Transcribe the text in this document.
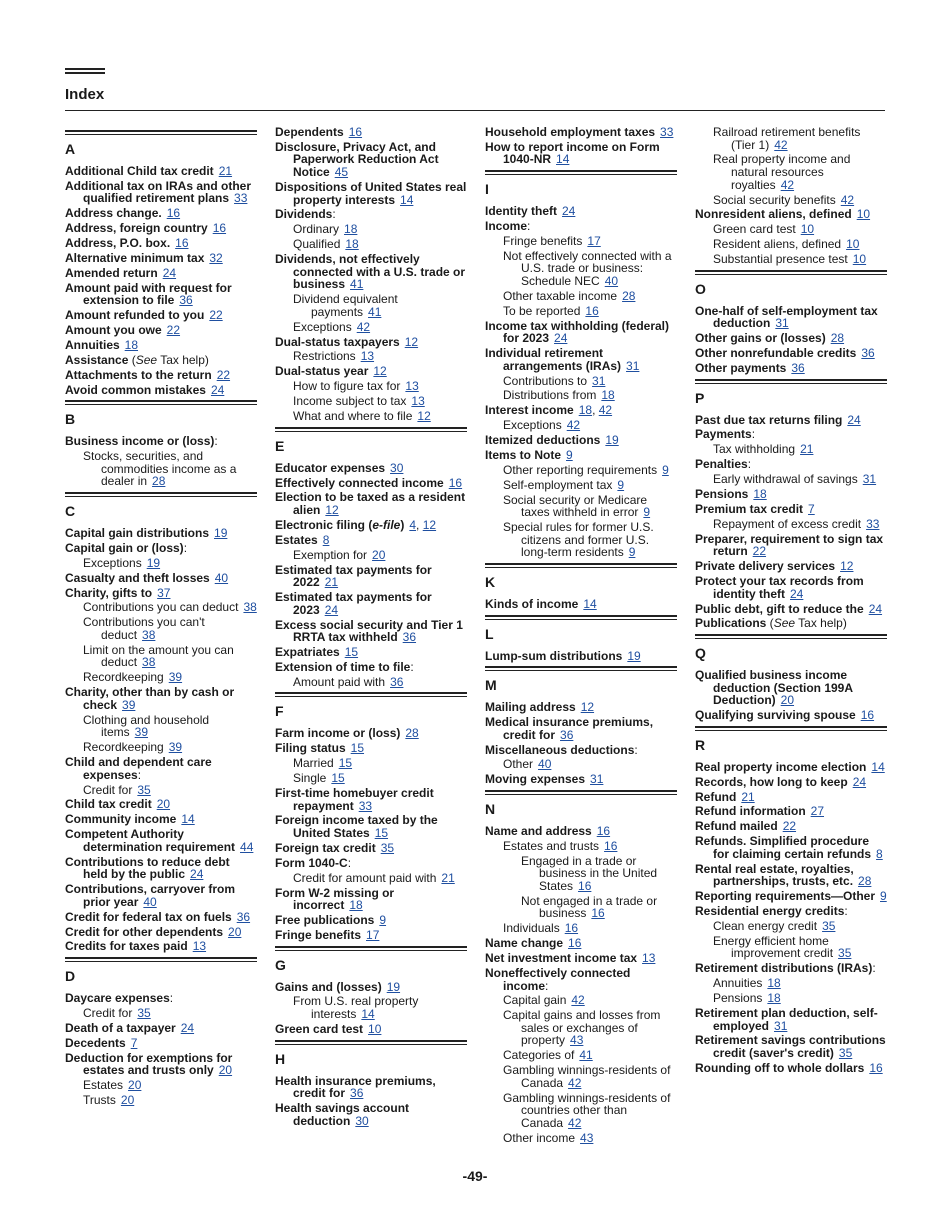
Index
A
Additional Child tax credit 21
Additional tax on IRAs and other qualified retirement plans 33
Address change. 16
Address, foreign country 16
Address, P.O. box. 16
Alternative minimum tax 32
Amended return 24
Amount paid with request for extension to file 36
Amount refunded to you 22
Amount you owe 22
Annuities 18
Assistance (See Tax help)
Attachments to the return 22
Avoid common mistakes 24
B
Business income or (loss):
Stocks, securities, and commodities income as a dealer in 28
C
Capital gain distributions 19
Capital gain or (loss):
Exceptions 19
Casualty and theft losses 40
Charity, gifts to 37
Contributions you can deduct 38
Contributions you can't deduct 38
Limit on the amount you can deduct 38
Recordkeeping 39
Charity, other than by cash or check 39
Clothing and household items 39
Recordkeeping 39
Child and dependent care expenses:
Credit for 35
Child tax credit 20
Community income 14
Competent Authority determination requirement 44
Contributions to reduce debt held by the public 24
Contributions, carryover from prior year 40
Credit for federal tax on fuels 36
Credit for other dependents 20
Credits for taxes paid 13
D
Daycare expenses:
Credit for 35
Death of a taxpayer 24
Decedents 7
Deduction for exemptions for estates and trusts only 20
Estates 20
Trusts 20
Dependents 16
Disclosure, Privacy Act, and Paperwork Reduction Act Notice 45
Dispositions of United States real property interests 14
Dividends:
Ordinary 18
Qualified 18
Dividends, not effectively connected with a U.S. trade or business 41
Dividend equivalent payments 41
Exceptions 42
Dual-status taxpayers 12
Restrictions 13
Dual-status year 12
How to figure tax for 13
Income subject to tax 13
What and where to file 12
E
Educator expenses 30
Effectively connected income 16
Election to be taxed as a resident alien 12
Electronic filing (e-file) 4, 12
Estates 8
Exemption for 20
Estimated tax payments for 2022 21
Estimated tax payments for 2023 24
Excess social security and Tier 1 RRTA tax withheld 36
Expatriates 15
Extension of time to file:
Amount paid with 36
F
Farm income or (loss) 28
Filing status 15
Married 15
Single 15
First-time homebuyer credit repayment 33
Foreign income taxed by the United States 15
Foreign tax credit 35
Form 1040-C:
Credit for amount paid with 21
Form W-2 missing or incorrect 18
Free publications 9
Fringe benefits 17
G
Gains and (losses) 19
From U.S. real property interests 14
Green card test 10
H
Health insurance premiums, credit for 36
Health savings account deduction 30
Household employment taxes 33
How to report income on Form 1040-NR 14
I
Identity theft 24
Income:
Fringe benefits 17
Not effectively connected with a U.S. trade or business: Schedule NEC 40
Other taxable income 28
To be reported 16
Income tax withholding (federal) for 2023 24
Individual retirement arrangements (IRAs) 31
Contributions to 31
Distributions from 18
Interest income 18, 42
Exceptions 42
Itemized deductions 19
Items to Note 9
Other reporting requirements 9
Self-employment tax 9
Social security or Medicare taxes withheld in error 9
Special rules for former U.S. citizens and former U.S. long-term residents 9
K
Kinds of income 14
L
Lump-sum distributions 19
M
Mailing address 12
Medical insurance premiums, credit for 36
Miscellaneous deductions:
Other 40
Moving expenses 31
N
Name and address 16
Estates and trusts 16
Engaged in a trade or business in the United States 16
Not engaged in a trade or business 16
Individuals 16
Name change 16
Net investment income tax 13
Noneffectively connected income:
Capital gain 42
Capital gains and losses from sales or exchanges of property 43
Categories of 41
Gambling winnings-residents of Canada 42
Gambling winnings-residents of countries other than Canada 42
Other income 43
Railroad retirement benefits (Tier 1) 42
Real property income and natural resources royalties 42
Social security benefits 42
Nonresident aliens, defined 10
Green card test 10
Resident aliens, defined 10
Substantial presence test 10
O
One-half of self-employment tax deduction 31
Other gains or (losses) 28
Other nonrefundable credits 36
Other payments 36
P
Past due tax returns filing 24
Payments:
Tax withholding 21
Penalties:
Early withdrawal of savings 31
Pensions 18
Premium tax credit 7
Repayment of excess credit 33
Preparer, requirement to sign tax return 22
Private delivery services 12
Protect your tax records from identity theft 24
Public debt, gift to reduce the 24
Publications (See Tax help)
Q
Qualified business income deduction (Section 199A Deduction) 20
Qualifying surviving spouse 16
R
Real property income election 14
Records, how long to keep 24
Refund 21
Refund information 27
Refund mailed 22
Refunds. Simplified procedure for claiming certain refunds 8
Rental real estate, royalties, partnerships, trusts, etc. 28
Reporting requirements—Other 9
Residential energy credits:
Clean energy credit 35
Energy efficient home improvement credit 35
Retirement distributions (IRAs):
Annuities 18
Pensions 18
Retirement plan deduction, self-employed 31
Retirement savings contributions credit (saver's credit) 35
Rounding off to whole dollars 16
-49-
